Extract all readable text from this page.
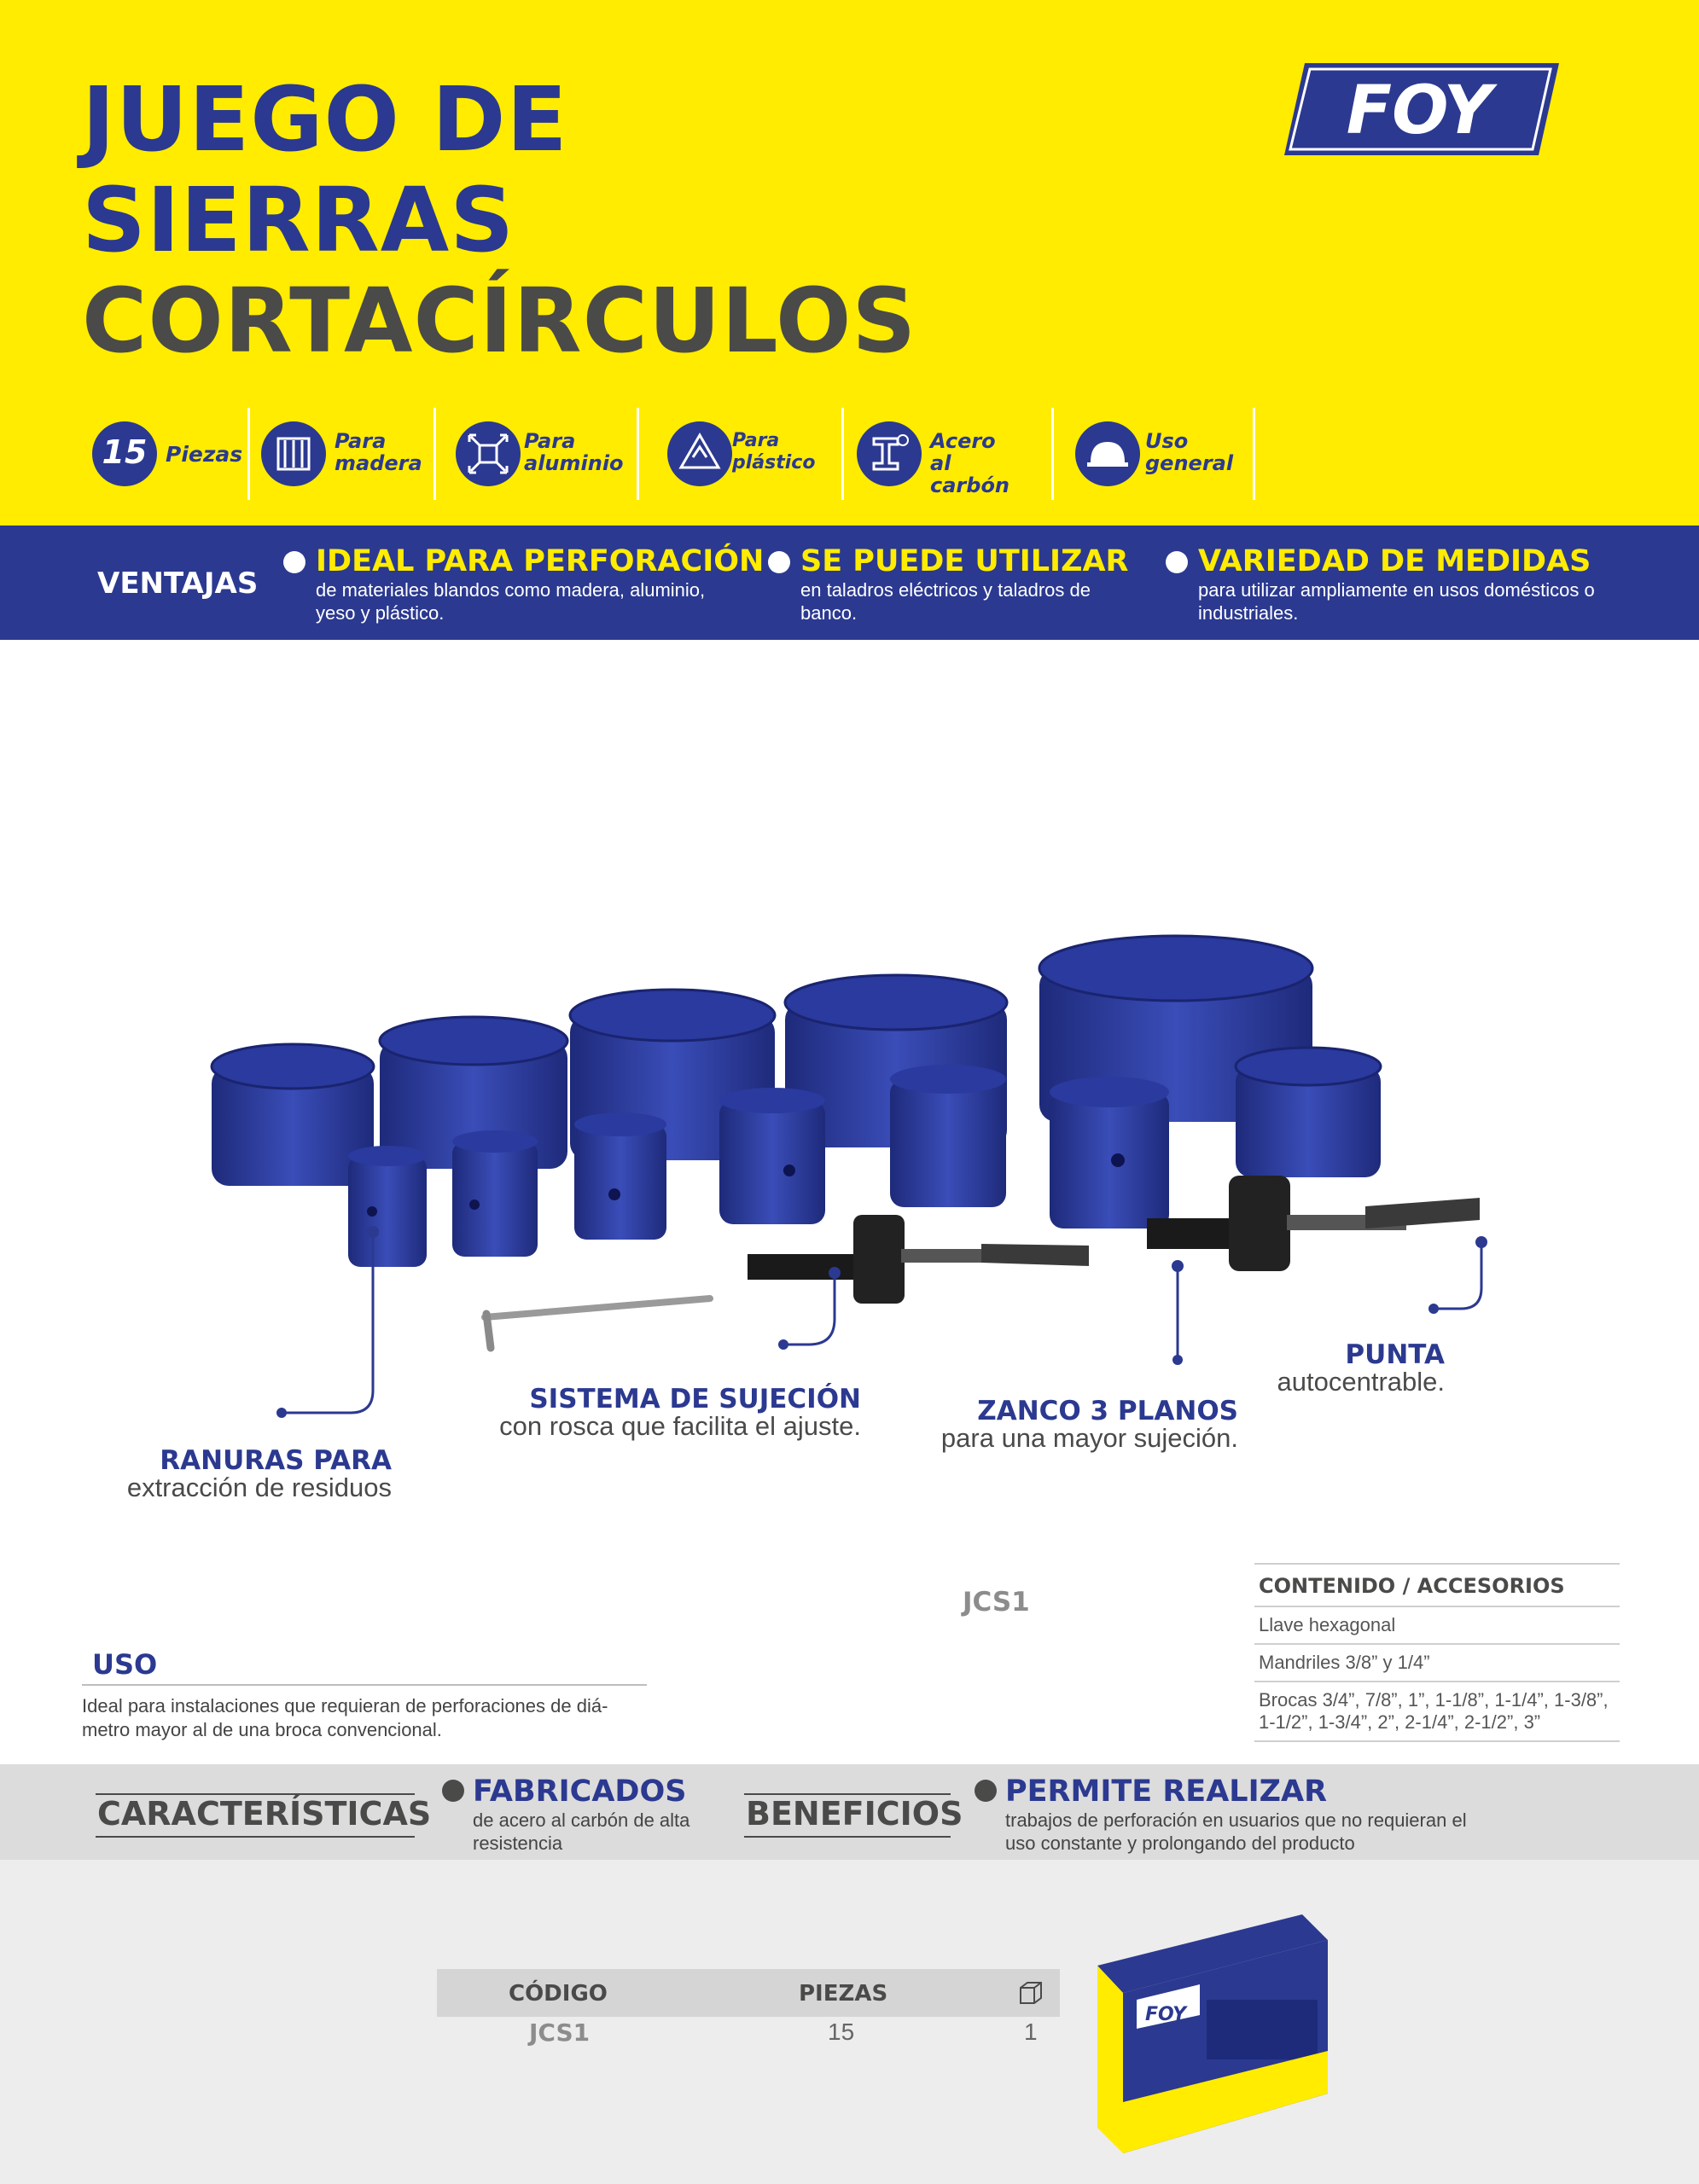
JUEGO DE
SIERRAS
CORTACÍRCULOS
FOY
15 Piezas
Para
madera
Para
aluminio
Para
plástico
Acero
al carbón
Uso
general
VENTAJAS
IDEAL PARA PERFORACIÓN
de materiales blandos como madera, aluminio,
yeso y plástico.
SE PUEDE UTILIZAR
en taladros eléctricos y taladros de
banco.
VARIEDAD DE MEDIDAS
para utilizar ampliamente en usos domésticos o
industriales.
RANURAS PARA
extracción de residuos
SISTEMA DE SUJECIÓN
con rosca que facilita el ajuste.	ZANCO 3 PLANOS
para una mayor sujeción.
PUNTA
autocentrable.
JCS1
CONTENIDO / ACCESORIOS
Llave hexagonal
Mandriles 3/8” y 1/4”
Brocas 3/4”, 7/8”, 1”, 1-1/8”, 1-1/4”, 1-3/8”, 1-1/2”, 1-3/4”, 2”, 2-1/4”, 2-1/2”, 3”
USO
Ideal para instalaciones que requieran de perforaciones de diá-
metro mayor al de una broca convencional.
CARACTERÍSTICAS
FABRICADOS
de acero al carbón de alta
resistencia
BENEFICIOS
PERMITE REALIZAR
trabajos de perforación en usuarios que no requieran el
uso constante y prolongando del producto
CÓDIGO	PIEZAS
JCS1	15	1
FOY
